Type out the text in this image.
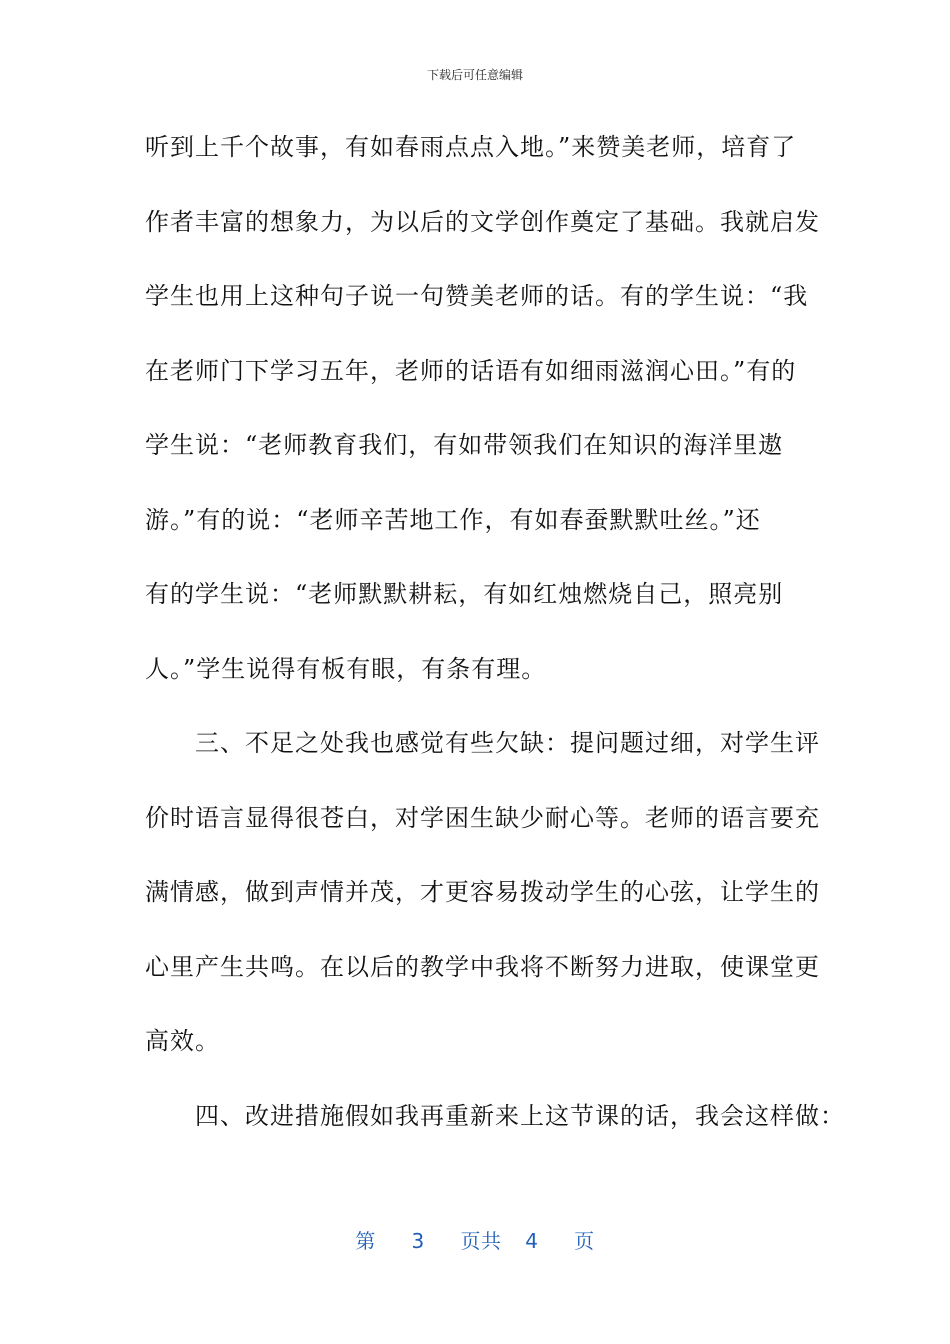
下载后可任意编辑
听到上千个故事，有如春雨点点入地。”来赞美老师，培育了
作者丰富的想象力，为以后的文学创作奠定了基础。我就启发
学生也用上这种句子说一句赞美老师的话。有的学生说：“我
在老师门下学习五年，老师的话语有如细雨滋润心田。”有的
学生说：“老师教育我们，有如带领我们在知识的海洋里遨
游。”有的说：“老师辛苦地工作，有如春蚕默默吐丝。”还
有的学生说：“老师默默耕耘，有如红烛燃烧自己，照亮别
人。”学生说得有板有眼，有条有理。
　　三、不足之处我也感觉有些欠缺：提问题过细，对学生评
价时语言显得很苍白，对学困生缺少耐心等。老师的语言要充
满情感，做到声情并茂，才更容易拨动学生的心弦，让学生的
心里产生共鸣。在以后的教学中我将不断努力进取，使课堂更
高效。
　　四、改进措施假如我再重新来上这节课的话，我会这样做：
第 3 页共 4 页
